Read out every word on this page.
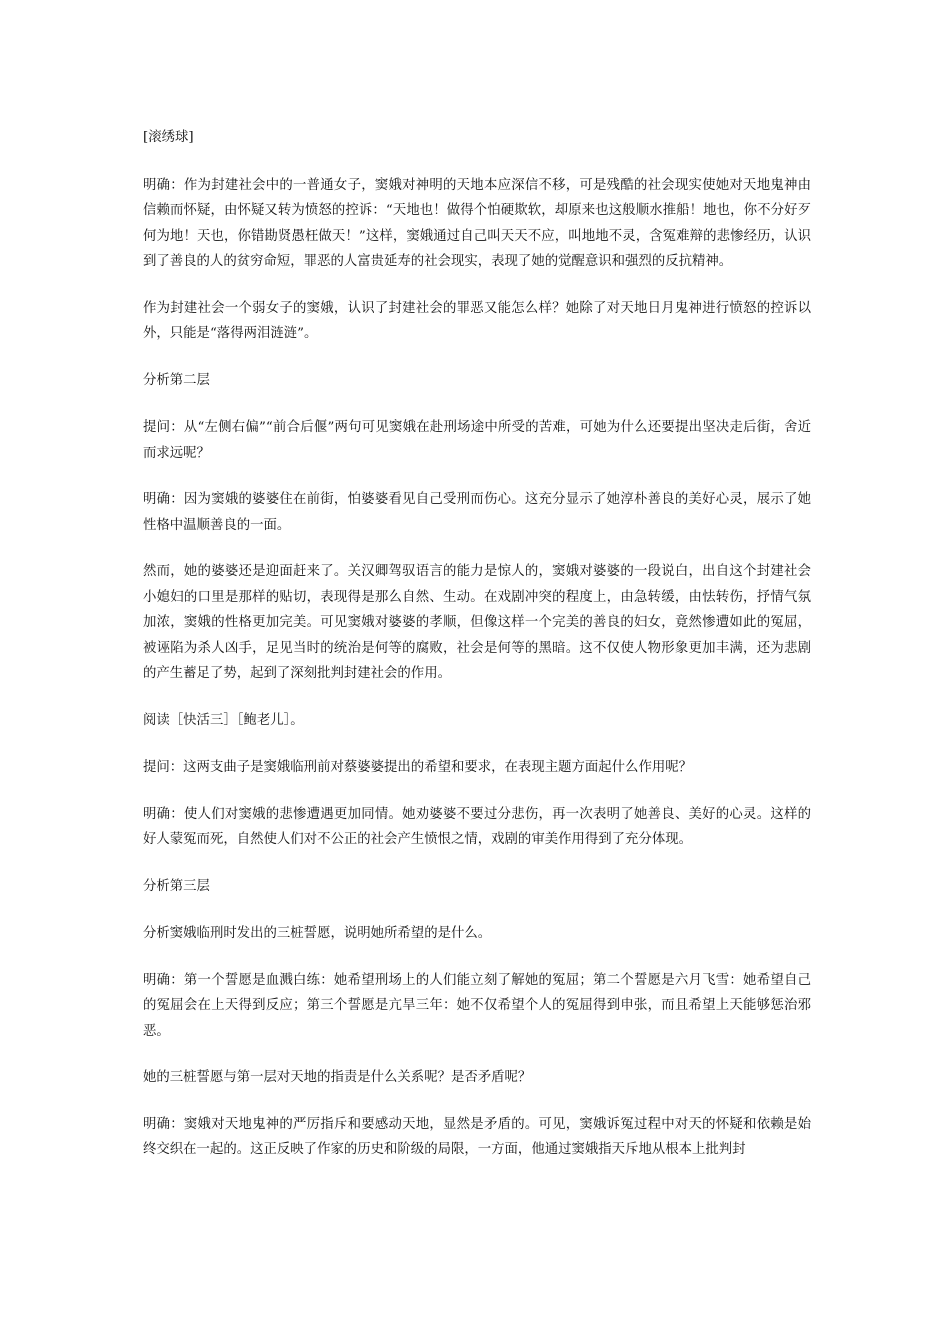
[滚绣球]

明确：作为封建社会中的一普通女子，窦娥对神明的天地本应深信不移，可是残酷的社会现实使她对天地鬼神由信赖而怀疑，由怀疑又转为愤怒的控诉：“天地也！做得个怕硬欺软，却原来也这般顺水推船！地也，你不分好歹何为地！天也，你错勘贤愚枉做天！”这样，窦娥通过自己叫天天不应，叫地地不灵，含冤难辩的悲惨经历，认识到了善良的人的贫穷命短，罪恶的人富贵延寿的社会现实，表现了她的觉醒意识和强烈的反抗精神。

作为封建社会一个弱女子的窦娥，认识了封建社会的罪恶又能怎么样？她除了对天地日月鬼神进行愤怒的控诉以外，只能是“落得两泪涟涟”。

分析第二层

提问：从“左侧右偏”“前合后偃”两句可见窦娥在赴刑场途中所受的苦难，可她为什么还要提出坚决走后街，舍近而求远呢？

明确：因为窦娥的婆婆住在前街，怕婆婆看见自己受刑而伤心。这充分显示了她淳朴善良的美好心灵，展示了她性格中温顺善良的一面。

然而，她的婆婆还是迎面赶来了。关汉卿驾驭语言的能力是惊人的，窦娥对婆婆的一段说白，出自这个封建社会小媳妇的口里是那样的贴切，表现得是那么自然、生动。在戏剧冲突的程度上，由急转缓，由怯转伤，抒情气氛加浓，窦娥的性格更加完美。可见窦娥对婆婆的孝顺，但像这样一个完美的善良的妇女，竟然惨遭如此的冤屈，被诬陷为杀人凶手，足见当时的统治是何等的腐败，社会是何等的黑暗。这不仅使人物形象更加丰满，还为悲剧的产生蓄足了势，起到了深刻批判封建社会的作用。

阅读［快活三］［鲍老儿］。

提问：这两支曲子是窦娥临刑前对蔡婆婆提出的希望和要求，在表现主题方面起什么作用呢？

明确：使人们对窦娥的悲惨遭遇更加同情。她劝婆婆不要过分悲伤，再一次表明了她善良、美好的心灵。这样的好人蒙冤而死，自然使人们对不公正的社会产生愤恨之情，戏剧的审美作用得到了充分体现。

分析第三层

分析窦娥临刑时发出的三桩誓愿，说明她所希望的是什么。

明确：第一个誓愿是血溅白练：她希望刑场上的人们能立刻了解她的冤屈；第二个誓愿是六月飞雪：她希望自己的冤屈会在上天得到反应；第三个誓愿是亢旱三年：她不仅希望个人的冤屈得到申张，而且希望上天能够惩治邪恶。

她的三桩誓愿与第一层对天地的指责是什么关系呢？是否矛盾呢？

明确：窦娥对天地鬼神的严厉指斥和要感动天地，显然是矛盾的。可见，窦娥诉冤过程中对天的怀疑和依赖是始终交织在一起的。这正反映了作家的历史和阶级的局限，一方面，他通过窦娥指天斥地从根本上批判封
